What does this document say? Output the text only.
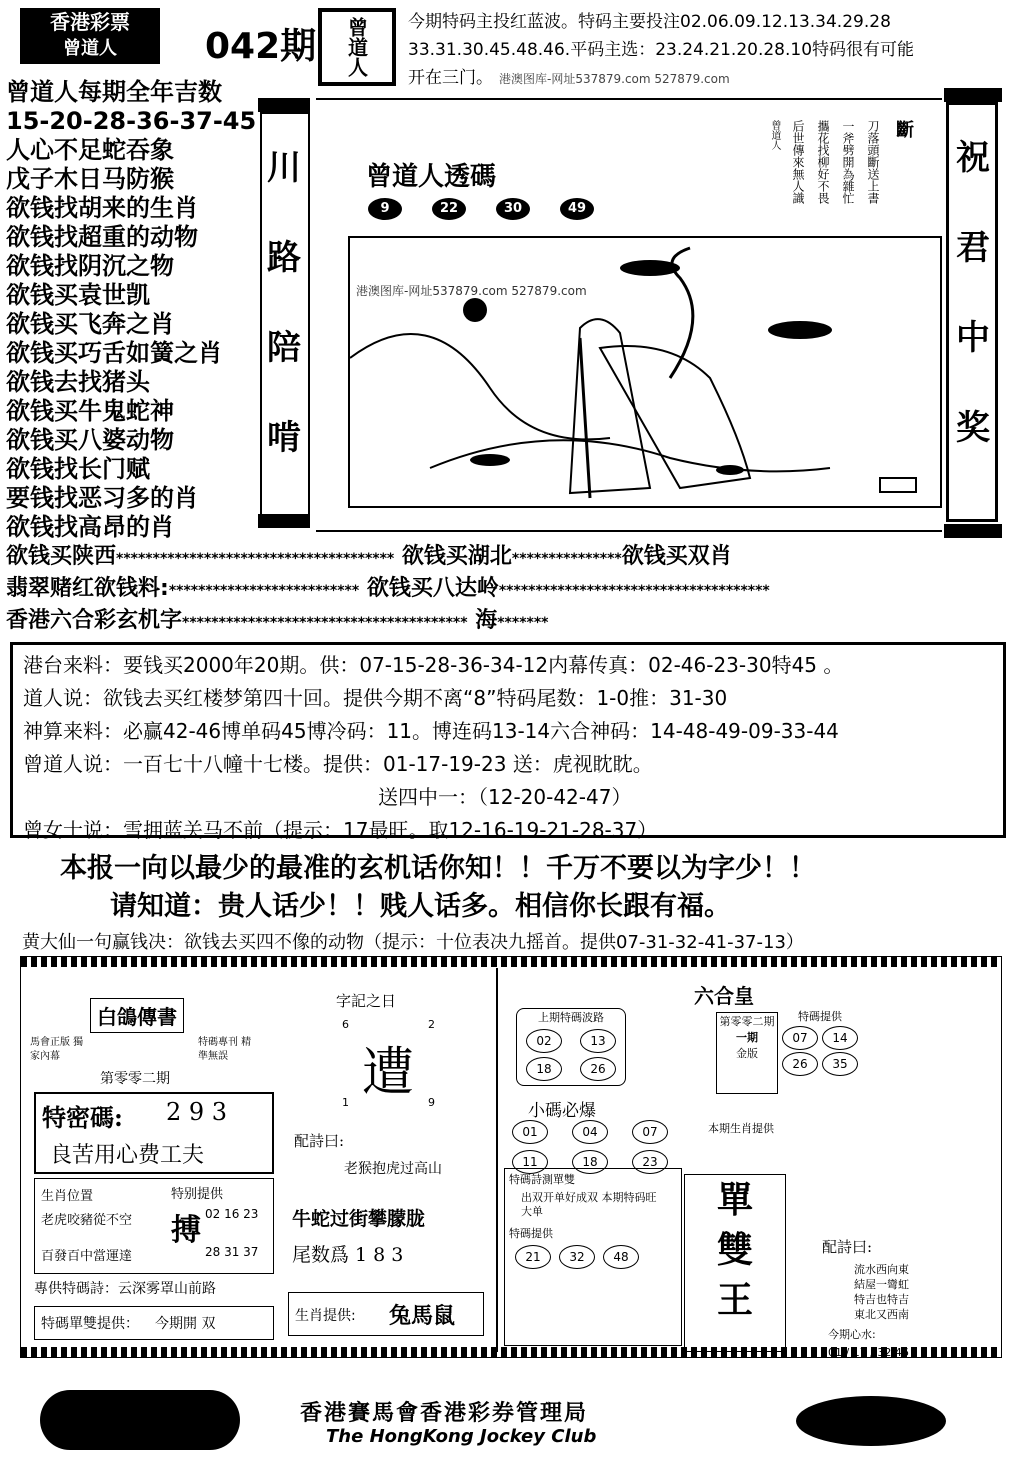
香港彩票
曾道人	042期 曾道人 今期特码主投红蓝波。特码主要投注02.06.09.12.13.34.29.28
33.31.30.45.48.46.平码主选：23.24.21.20.28.10特码很有可能
开在三门。 港澳图库-网址537879.com 527879.com
曾道人每期全年吉数
15-20-28-36-37-45
人心不足蛇吞象
戊子木日马防猴
欲钱找胡来的生肖
欲钱找超重的动物
欲钱找阴沉之物
欲钱买袁世凯
欲钱买飞奔之肖
欲钱买巧舌如簧之肖
欲钱去找猪头
欲钱买牛鬼蛇神
欲钱买八婆动物
欲钱找长门赋
要钱找恶习多的肖
欲钱找高昂的肖
川
路
陪
啃
曾道人透碼
9	22	30	49
斷
刀落頭斷送上書
一斧劈開為雜忙
攜花找柳好不畏
后世傳來無人識
曾道人
港澳图库-网址537879.com 527879.com
祝
君
中
奖
欲钱买陕西************************************** 欲钱买湖北***************欲钱买双肖
翡翠赌红欲钱料:************************** 欲钱买八达岭*************************************
香港六合彩玄机字*************************************** 海*******
港台来料：要钱买2000年20期。供：07-15-28-36-34-12内幕传真：02-46-23-30特45 。
道人说：欲钱去买红楼梦第四十回。提供今期不离“8”特码尾数：1-0推：31-30
神算来料：必赢42-46博单码45博冷码：11。博连码13-14六合神码：14-48-49-09-33-44
曾道人说：一百七十八幢十七楼。提供：01-17-19-23 送：虎视眈眈。
送四中一：（12-20-42-47）
曾女士说：雪拥蓝关马不前（提示：17最旺。取12-16-19-21-28-37）
本报一向以最少的最准的玄机话你知！！千万不要以为字少！！
请知道：贵人话少！！贱人话多。相信你长跟有福。
黄大仙一句赢钱决：欲钱去买四不像的动物（提示：十位表决九摇首。提供07-31-32-41-37-13）
白鴿傳書
馬會正版 獨家內幕
特碼專刊 精準無誤
第零零二期
特密碼: 2 9 3
良苦用心费工夫
生肖位置
老虎咬豬從不空
特别提供
搏 02 16 23
28 31 37
百發百中當運達
專供特碼詩：云深雾罩山前路
特碼單雙提供： 今期開 双
字記之日
6	2
遭
1	9
配詩曰:
老猴抱虎过高山
牛蛇过街攀朦胧
尾数爲 1 8 3
生肖提供: 兔馬鼠
六合皇
上期特碼波路
02	13
18	26
第零零二期
一期
金版
特碼提供
07	14
26	35
小碼必爆
01	04	07
11	18	23
本期生肖提供
特碼詩測單雙
出双开单好成双 本期特码旺大单
特碼提供
21	32	48
單
雙
王
配詩曰:
流水西向東
結屋一彎虹
特吉也特吉
東北又西南
今期心水:
01 / 17 / 32 46
香港賽馬會香港彩券管理局
The HongKong Jockey Club
